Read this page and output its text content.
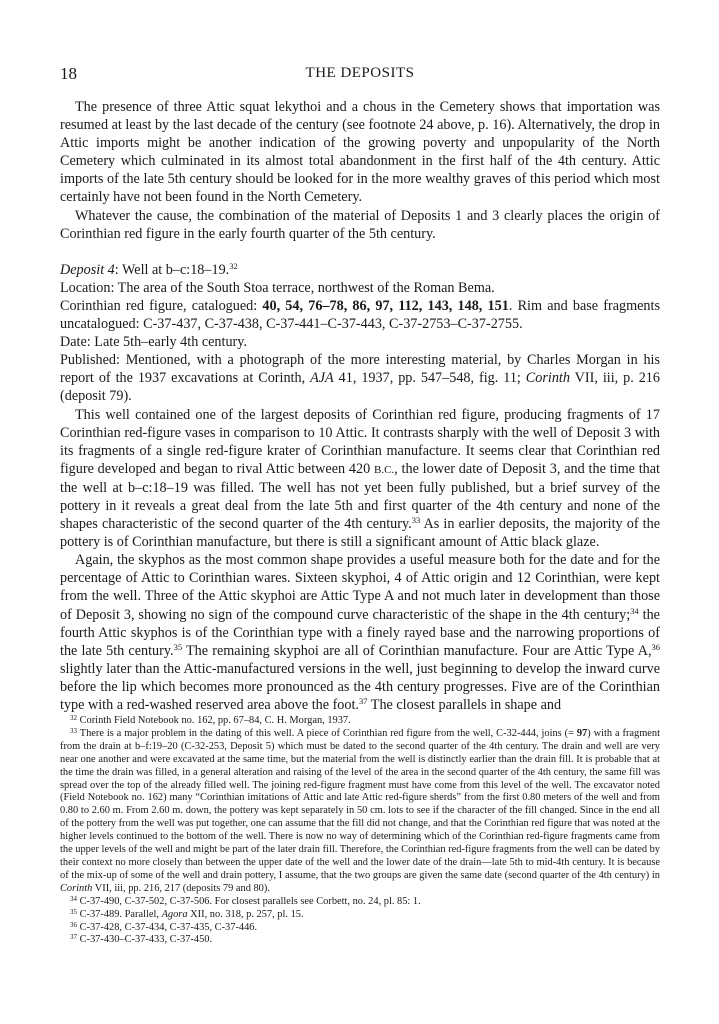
18	THE DEPOSITS

The presence of three Attic squat lekythoi and a chous in the Cemetery shows that importation was resumed at least by the last decade of the century (see footnote 24 above, p. 16). Alternatively, the drop in Attic imports might be another indication of the growing poverty and unpopularity of the North Cemetery which culminated in its almost total abandonment in the first half of the 4th century. Attic imports of the late 5th century should be looked for in the more wealthy graves of this period which most certainly have not been found in the North Cemetery.

Whatever the cause, the combination of the material of Deposits 1 and 3 clearly places the origin of Corinthian red figure in the early fourth quarter of the 5th century.

Deposit 4: Well at b–c:18–19.32

Location: The area of the South Stoa terrace, northwest of the Roman Bema.

Corinthian red figure, catalogued: 40, 54, 76–78, 86, 97, 112, 143, 148, 151. Rim and base fragments uncatalogued: C-37-437, C-37-438, C-37-441–C-37-443, C-37-2753–C-37-2755.

Date: Late 5th–early 4th century.

Published: Mentioned, with a photograph of the more interesting material, by Charles Morgan in his report of the 1937 excavations at Corinth, AJA 41, 1937, pp. 547–548, fig. 11; Corinth VII, iii, p. 216 (deposit 79).

This well contained one of the largest deposits of Corinthian red figure, producing fragments of 17 Corinthian red-figure vases in comparison to 10 Attic. It contrasts sharply with the well of Deposit 3 with its fragments of a single red-figure krater of Corinthian manufacture. It seems clear that Corinthian red figure developed and began to rival Attic between 420 B.C., the lower date of Deposit 3, and the time that the well at b–c:18–19 was filled. The well has not yet been fully published, but a brief survey of the pottery in it reveals a great deal from the late 5th and first quarter of the 4th century and none of the shapes characteristic of the second quarter of the 4th century.$^{33}$ As in earlier deposits, the majority of the pottery is of Corinthian manufacture, but there is still a significant amount of Attic black glaze.

Again, the skyphos as the most common shape provides a useful measure both for the date and for the percentage of Attic to Corinthian wares. Sixteen skyphoi, 4 of Attic origin and 12 Corinthian, were kept from the well. Three of the Attic skyphoi are Attic Type A and not much later in development than those of Deposit 3, showing no sign of the compound curve characteristic of the shape in the 4th century;$^{34}$ the fourth Attic skyphos is of the Corinthian type with a finely rayed base and the narrowing proportions of the late 5th century.$^{35}$ The remaining skyphoi are all of Corinthian manufacture. Four are Attic Type A,$^{36}$ slightly later than the Attic-manufactured versions in the well, just beginning to develop the inward curve before the lip which becomes more pronounced as the 4th century progresses. Five are of the Corinthian type with a red-washed reserved area above the foot.$^{37}$ The closest parallels in shape and

$^{32}$ Corinth Field Notebook no. 162, pp. 67–84, C. H. Morgan, 1937.

$^{33}$ There is a major problem in the dating of this well. A piece of Corinthian red figure from the well, C-32-444, joins (= 97) with a fragment from the drain at b–f:19–20 (C-32-253, Deposit 5) which must be dated to the second quarter of the 4th century. The drain and well are very near one another and were excavated at the same time, but the material from the well is distinctly earlier than the drain fill. It is probable that at the time the drain was filled, in a general alteration and raising of the level of the area in the second quarter of the 4th century, the same fill was spread over the top of the already filled well. The joining red-figure fragment must have come from this level of the well. The excavator noted (Field Notebook no. 162) many “Corinthian imitations of Attic and late Attic red-figure sherds” from the first 0.80 meters of the well and from 0.80 to 2.60 m. From 2.60 m. down, the pottery was kept separately in 50 cm. lots to see if the character of the fill changed. Since in the end all of the pottery from the well was put together, one can assume that the fill did not change, and that the Corinthian red figure that was noted at the higher levels continued to the bottom of the well. There is now no way of determining which of the Corinthian red-figure fragments came from the upper levels of the well and might be part of the later drain fill. Therefore, the Corinthian red-figure fragments from the well can be dated by their context no more closely than between the upper date of the well and the lower date of the drain—late 5th to mid-4th century. It is because of the mix-up of some of the well and drain pottery, I assume, that the two groups are given the same date (second quarter of the 4th century) in Corinth VII, iii, pp. 216, 217 (deposits 79 and 80).

$^{34}$ C-37-490, C-37-502, C-37-506. For closest parallels see Corbett, no. 24, pl. 85: 1.

$^{35}$ C-37-489. Parallel, Agora XII, no. 318, p. 257, pl. 15.

$^{36}$ C-37-428, C-37-434, C-37-435, C-37-446.

$^{37}$ C-37-430–C-37-433, C-37-450.
